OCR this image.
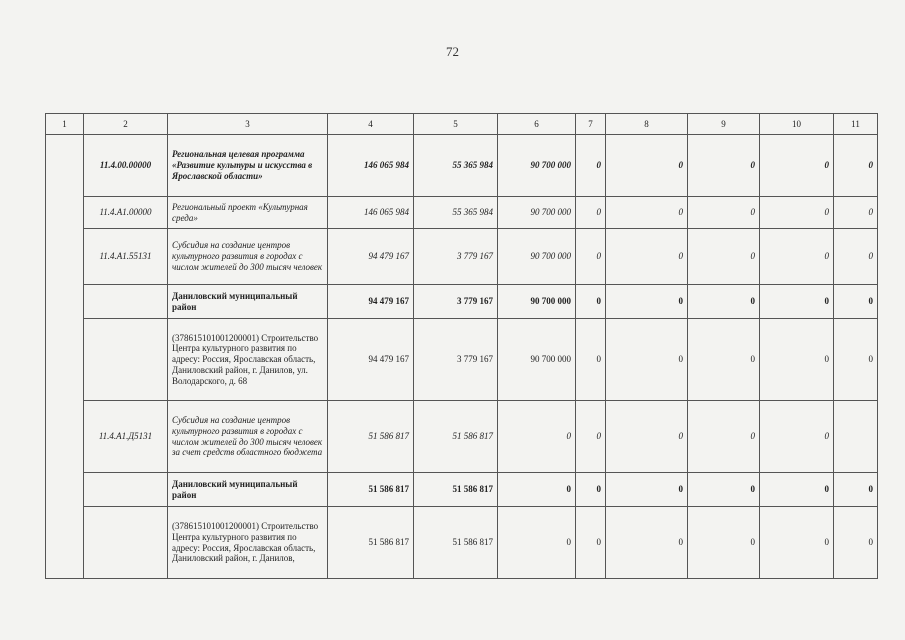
72
1	2	3	4	5	6	7	8	9	10	11
	11.4.00.00000	Региональная целевая программа «Развитие культуры и искусства в Ярославской области»	146 065 984	55 365 984	90 700 000	0	0	0	0	0
	11.4.A1.00000	Региональный проект «Культурная среда»	146 065 984	55 365 984	90 700 000	0	0	0	0	0
	11.4.A1.55131	Субсидия на создание центров культурного развития в городах с числом жителей до 300 тысяч человек	94 479 167	3 779 167	90 700 000	0	0	0	0	0
		Даниловский муниципальный район	94 479 167	3 779 167	90 700 000	0	0	0	0	0
		(378615101001200001) Строительство Центра культурного развития по адресу: Россия, Ярославская область, Даниловский район, г. Данилов, ул. Володарского, д. 68	94 479 167	3 779 167	90 700 000	0	0	0	0	0
	11.4.A1.Д5131	Субсидия на создание центров культурного развития в городах с числом жителей до 300 тысяч человек за счет средств областного бюджета	51 586 817	51 586 817	0	0	0	0	0	
		Даниловский муниципальный район	51 586 817	51 586 817	0	0	0	0	0	0
		(378615101001200001) Строительство Центра культурного развития по адресу: Россия, Ярославская область, Даниловский район, г. Данилов,	51 586 817	51 586 817	0	0	0	0	0	0
